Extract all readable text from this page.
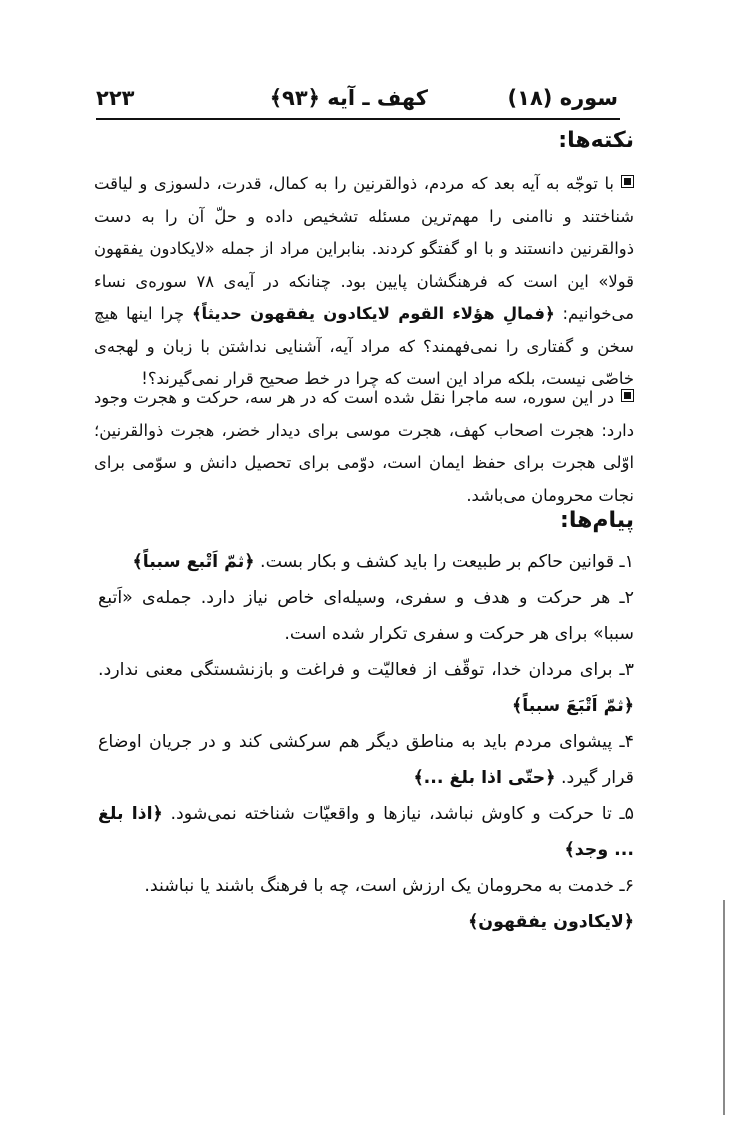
سوره (۱۸)
کهف ـ آیه ﴿۹۳﴾
۲۲۳
نکته‌ها:

با توجّه به آیه بعد که مردم، ذوالقرنین را به کمال، قدرت، دلسوزی و لیاقت شناختند و ناامنی را مهم‌ترین مسئله تشخیص داده و حلّ آن را به دست ذوالقرنین دانستند و با او گفتگو کردند. بنابراین مراد از جمله «لایکادون یفقهون قولا» این است که فرهنگشان پایین بود. چنانکه در آیه‌ی ۷۸ سوره‌ی نساء می‌خوانیم: ﴿فمالِ هؤلاء القوم لایکادون یفقهون حدیثاً﴾ چرا اینها هیچ سخن و گفتاری را نمی‌فهمند؟ که مراد آیه، آشنایی نداشتن با زبان و لهجه‌ی خاصّی نیست، بلکه مراد این است که چرا در خط صحیح قرار نمی‌گیرند؟!

در این سوره، سه ماجرا نقل شده است که در هر سه، حرکت و هجرت وجود دارد: هجرت اصحاب کهف، هجرت موسی برای دیدار خضر، هجرت ذوالقرنین؛ اوّلی هجرت برای حفظ ایمان است، دوّمی برای تحصیل دانش و سوّمی برای نجات محرومان می‌باشد.

پیام‌ها:

۱ـ قوانین حاکم بر طبیعت را باید کشف و بکار بست. ﴿ثمّ اَتْبع سبباً﴾

۲ـ هر حرکت و هدف و سفری، وسیله‌ای خاص نیاز دارد. جمله‌ی «اَتبع سببا» برای هر حرکت و سفری تکرار شده است.

۳ـ برای مردان خدا، توقّف از فعالیّت و فراغت و بازنشستگی معنی ندارد. ﴿ثمّ اَتْبَعَ سبباً﴾

۴ـ پیشوای مردم باید به مناطق دیگر هم سرکشی کند و در جریان اوضاع قرار گیرد. ﴿حتّی اذا بلغ ...﴾

۵ـ تا حرکت و کاوش نباشد، نیازها و واقعیّات شناخته نمی‌شود. ﴿اذا بلغ ... وجد﴾

۶ـ خدمت به محرومان یک ارزش است، چه با فرهنگ باشند یا نباشند.
﴿لایکادون یفقهون﴾
